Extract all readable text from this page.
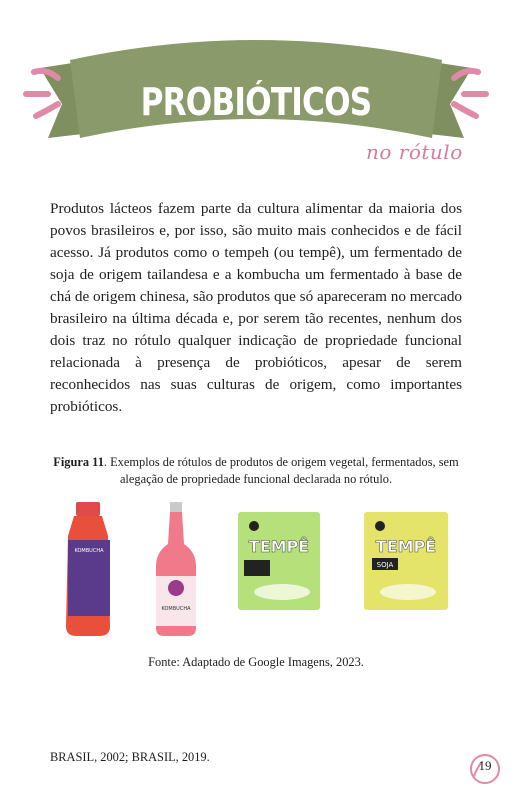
PROBIÓTICOS
no rótulo

Produtos lácteos fazem parte da cultura alimentar da maioria dos povos brasileiros e, por isso, são muito mais conhecidos e de fácil acesso. Já produtos como o tempeh (ou tempê), um fermentado de soja de origem tailandesa e a kombucha um fermentado à base de chá de origem chinesa, são produtos que só apareceram no mercado brasileiro na última década e, por serem tão recentes, nenhum dos dois traz no rótulo qualquer indicação de propriedade funcional relacionada à presença de probióticos, apesar de serem reconhecidos nas suas culturas de origem, como importantes probióticos.

Figura 11. Exemplos de rótulos de produtos de origem vegetal, fermentados, sem alegação de propriedade funcional declarada no rótulo.

KOMBUCHA
KOMBUCHA
TEMPÊ	TEMPÊ
SOJA
Fonte: Adaptado de Google Imagens, 2023.
BRASIL, 2002; BRASIL, 2019.
19
